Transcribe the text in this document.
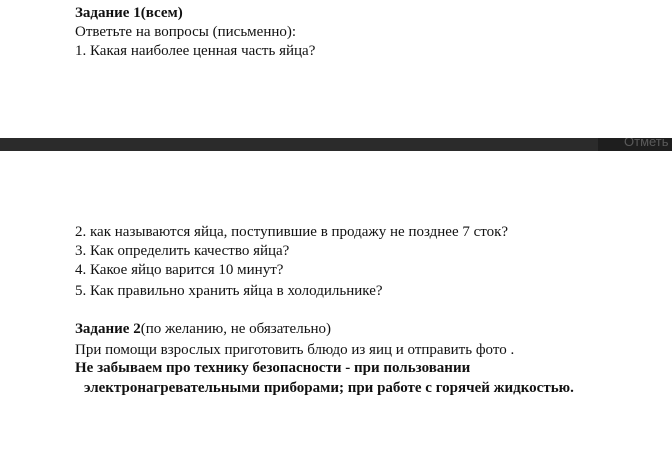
Задание 1(всем)
Ответьте на вопросы (письменно):
1. Какая наиболее ценная часть яйца?
Отметь
2. как называются яйца, поступившие в продажу не позднее 7 сток?
3. Как определить качество яйца?
4. Какое яйцо варится 10 минут?
5. Как правильно хранить яйца в холодильнике?
Задание 2(по желанию, не обязательно)
При помощи взрослых приготовить блюдо из яиц и отправить фото .
Не забываем про технику безопасности - при пользовании
электронагревательными приборами; при работе с горячей жидкостью.
